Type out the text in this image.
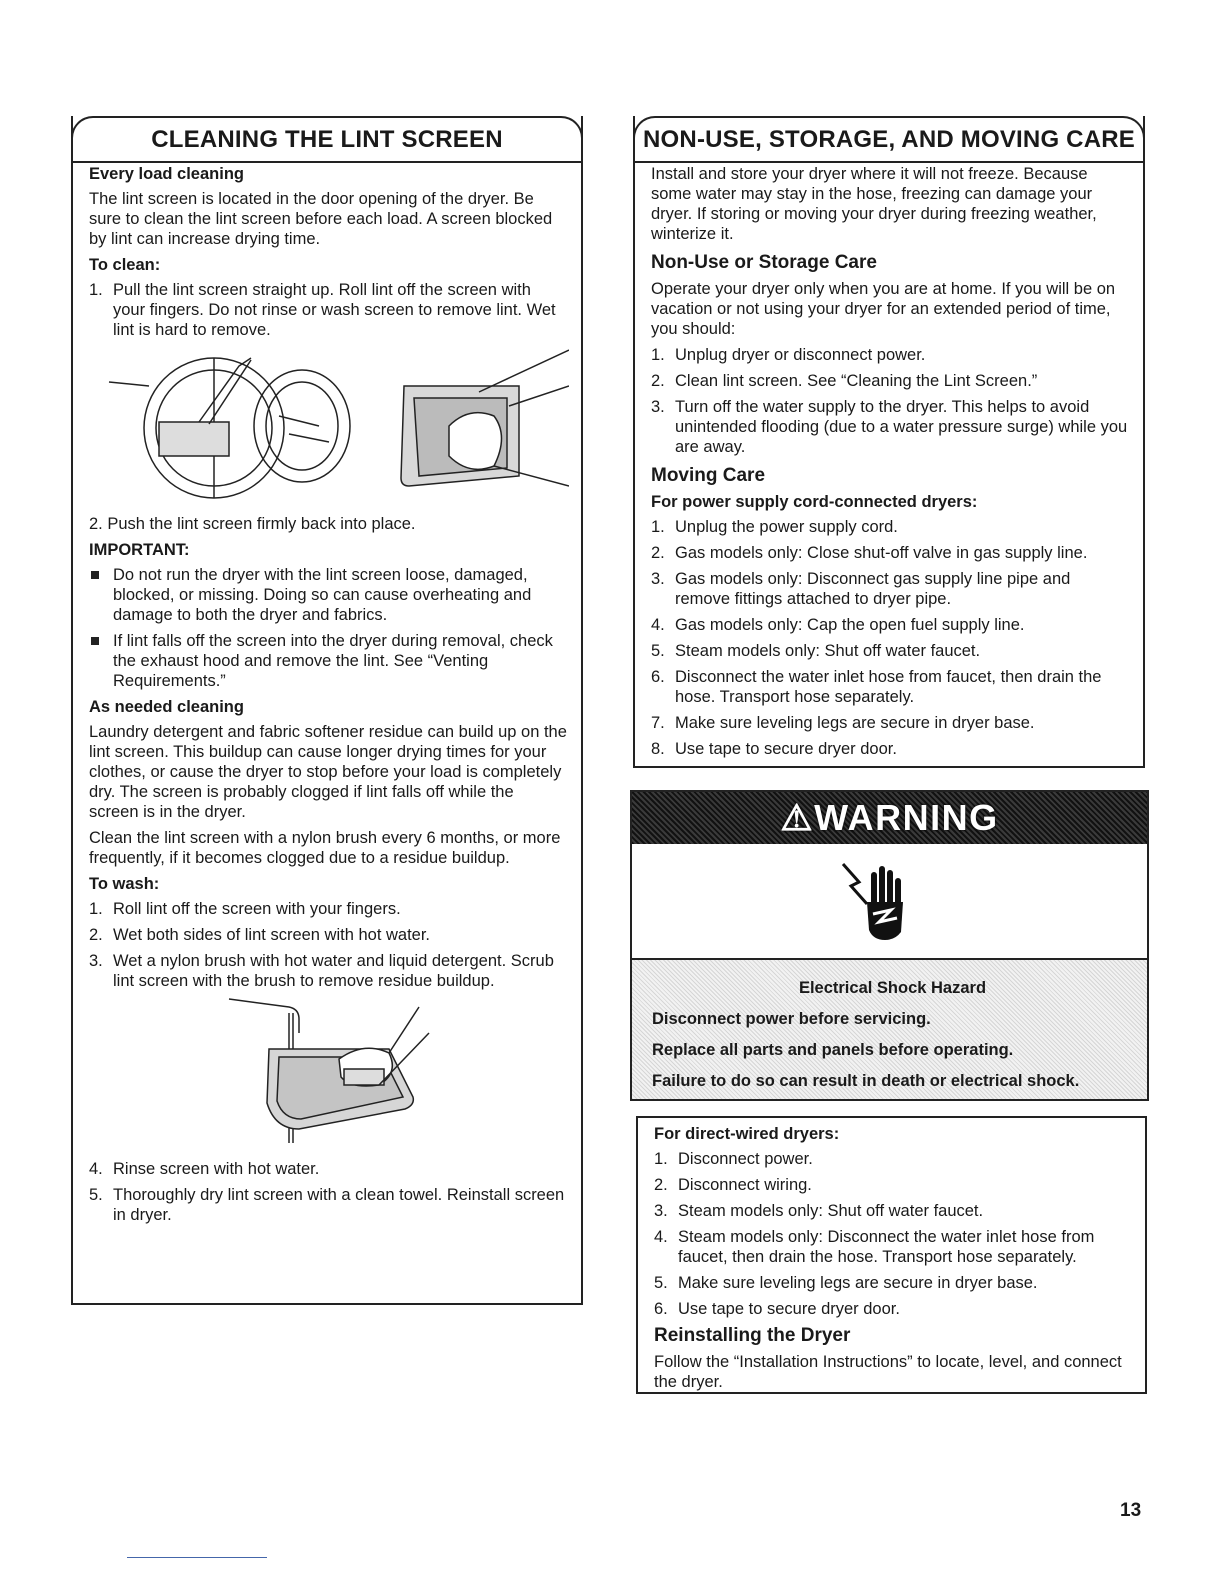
CLEANING THE LINT SCREEN
Every load cleaning

The lint screen is located in the door opening of the dryer. Be sure to clean the lint screen before each load. A screen blocked by lint can increase drying time.

To clean:
1. Pull the lint screen straight up. Roll lint off the screen with your fingers. Do not rinse or wash screen to remove lint. Wet lint is hard to remove.
2. Push the lint screen firmly back into place.
IMPORTANT:
Do not run the dryer with the lint screen loose, damaged, blocked, or missing. Doing so can cause overheating and damage to both the dryer and fabrics.
If lint falls off the screen into the dryer during removal, check the exhaust hood and remove the lint. See “Venting Requirements.”
As needed cleaning

Laundry detergent and fabric softener residue can build up on the lint screen. This buildup can cause longer drying times for your clothes, or cause the dryer to stop before your load is completely dry. The screen is probably clogged if lint falls off while the screen is in the dryer.

Clean the lint screen with a nylon brush every 6 months, or more frequently, if it becomes clogged due to a residue buildup.

To wash:
1. Roll lint off the screen with your fingers.
2. Wet both sides of lint screen with hot water.
3. Wet a nylon brush with hot water and liquid detergent. Scrub lint screen with the brush to remove residue buildup.
4. Rinse screen with hot water.
5. Thoroughly dry lint screen with a clean towel. Reinstall screen in dryer.
NON-USE, STORAGE, AND MOVING CARE

Install and store your dryer where it will not freeze. Because some water may stay in the hose, freezing can damage your dryer. If storing or moving your dryer during freezing weather, winterize it.

Non-Use or Storage Care

Operate your dryer only when you are at home. If you will be on vacation or not using your dryer for an extended period of time, you should:

1. Unplug dryer or disconnect power.
2. Clean lint screen. See “Cleaning the Lint Screen.”
3. Turn off the water supply to the dryer. This helps to avoid unintended flooding (due to a water pressure surge) while you are away.
Moving Care
For power supply cord-connected dryers:
1. Unplug the power supply cord.
2. Gas models only: Close shut-off valve in gas supply line.
3. Gas models only: Disconnect gas supply line pipe and remove fittings attached to dryer pipe.
4. Gas models only: Cap the open fuel supply line.
5. Steam models only: Shut off water faucet.
6. Disconnect the water inlet hose from faucet, then drain the hose. Transport hose separately.
7. Make sure leveling legs are secure in dryer base.
8. Use tape to secure dryer door.
⚠WARNING

Electrical Shock Hazard

Disconnect power before servicing.

Replace all parts and panels before operating.

Failure to do so can result in death or electrical shock.

For direct-wired dryers:
1. Disconnect power.
2. Disconnect wiring.
3. Steam models only: Shut off water faucet.
4. Steam models only: Disconnect the water inlet hose from faucet, then drain the hose. Transport hose separately.
5. Make sure leveling legs are secure in dryer base.
6. Use tape to secure dryer door.
Reinstalling the Dryer

Follow the “Installation Instructions” to locate, level, and connect the dryer.

13
